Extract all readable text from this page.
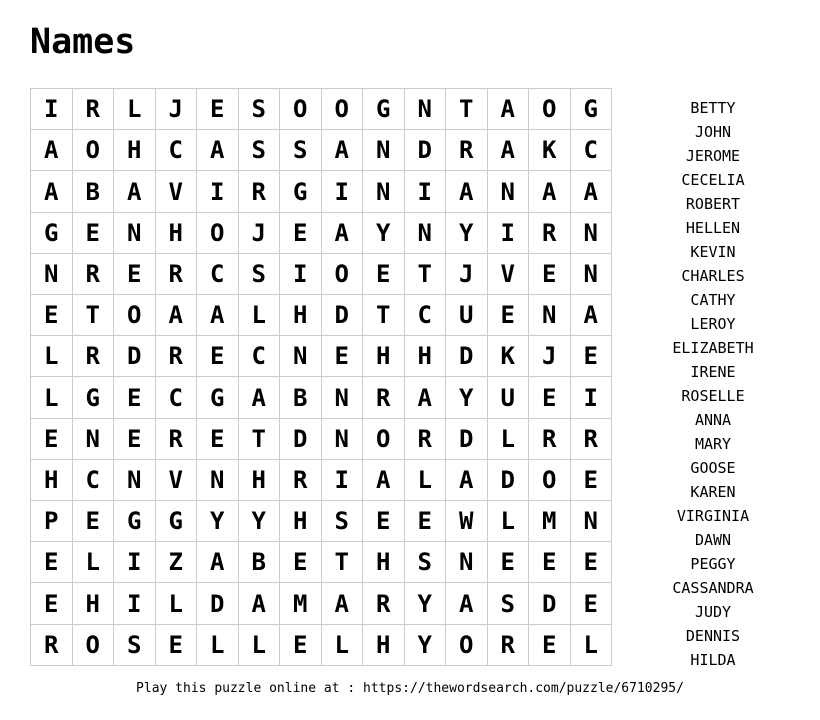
Names
I	R	L	J	E	S	O	O	G	N	T	A	O	G
A	O	H	C	A	S	S	A	N	D	R	A	K	C
A	B	A	V	I	R	G	I	N	I	A	N	A	A
G	E	N	H	O	J	E	A	Y	N	Y	I	R	N
N	R	E	R	C	S	I	O	E	T	J	V	E	N
E	T	O	A	A	L	H	D	T	C	U	E	N	A
L	R	D	R	E	C	N	E	H	H	D	K	J	E
L	G	E	C	G	A	B	N	R	A	Y	U	E	I
E	N	E	R	E	T	D	N	O	R	D	L	R	R
H	C	N	V	N	H	R	I	A	L	A	D	O	E
P	E	G	G	Y	Y	H	S	E	E	W	L	M	N
E	L	I	Z	A	B	E	T	H	S	N	E	E	E
E	H	I	L	D	A	M	A	R	Y	A	S	D	E
R	O	S	E	L	L	E	L	H	Y	O	R	E	L
BETTY
JOHN
JEROME
CECELIA
ROBERT
HELLEN
KEVIN
CHARLES
CATHY
LEROY
ELIZABETH
IRENE
ROSELLE
ANNA
MARY
GOOSE
KAREN
VIRGINIA
DAWN
PEGGY
CASSANDRA
JUDY
DENNIS
HILDA
Play this puzzle online at : https://thewordsearch.com/puzzle/6710295/
